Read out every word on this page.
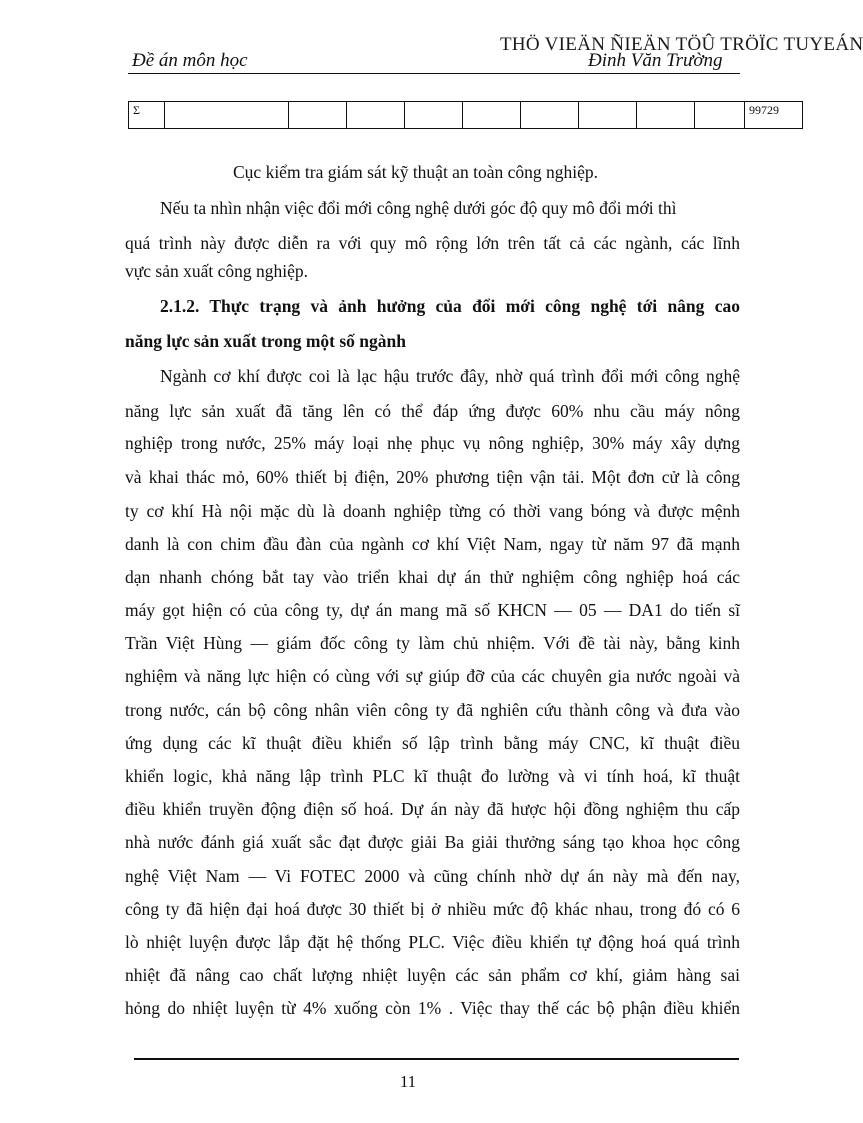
THÖ VIEÄN ÑIEÄN TÖÛ TRÖÏC TUYEÁN
Đề án môn học	Đinh Văn Trường
Σ										99729
Cục kiểm tra giám sát kỹ thuật an toàn công nghiệp.
Nếu ta nhìn nhận việc đổi mới công nghệ dưới góc độ quy mô đổi mới thì
quá trình này được diễn ra với quy mô rộng lớn trên tất cả các ngành, các lĩnh
vực sản xuất công nghiệp.
2.1.2. Thực trạng và ảnh hưởng của đổi mới công nghệ tới nâng cao
năng lực sản xuất trong một số ngành
Ngành cơ khí được coi là lạc hậu trước đây, nhờ quá trình đổi mới công nghệ
năng lực sản xuất đã tăng lên có thể đáp ứng được 60% nhu cầu máy nông
nghiệp trong nước, 25% máy loại nhẹ phục vụ nông nghiệp, 30% máy xây dựng
và khai thác mỏ, 60% thiết bị điện, 20% phương tiện vận tải. Một đơn cử là công
ty cơ khí Hà nội mặc dù là doanh nghiệp từng có thời vang bóng và được mệnh
danh là con chim đầu đàn của ngành cơ khí Việt Nam, ngay từ năm 97 đã mạnh
dạn nhanh chóng bắt tay vào triển khai dự án thử nghiệm công nghiệp hoá các
máy gọt hiện có của công ty, dự án mang mã số KHCN — 05 — DA1 do tiến sĩ
Trần Việt Hùng — giám đốc công ty làm chủ nhiệm. Với đề tài này, bằng kinh
nghiệm và năng lực hiện có cùng với sự giúp đỡ của các chuyên gia nước ngoài và
trong nước, cán bộ công nhân viên công ty đã nghiên cứu thành công và đưa vào
ứng dụng các kĩ thuật điều khiển số lập trình bằng máy CNC, kĩ thuật điều
khiển logic, khả năng lập trình PLC kĩ thuật đo lường và vi tính hoá, kĩ thuật
điều khiển truyền động điện số hoá. Dự án này đã hược hội đồng nghiệm thu cấp
nhà nước đánh giá xuất sắc đạt được giải Ba giải thưởng sáng tạo khoa học công
nghệ Việt Nam — Vi FOTEC 2000 và cũng chính nhờ dự án này mà đến nay,
công ty đã hiện đại hoá được 30 thiết bị ở nhiều mức độ khác nhau, trong đó có 6
lò nhiệt luyện được lắp đặt hệ thống PLC. Việc điều khiển tự động hoá quá trình
nhiệt đã nâng cao chất lượng nhiệt luyện các sản phẩm cơ khí, giảm hàng sai
hỏng do nhiệt luyện từ 4% xuống còn 1% . Việc thay thế các bộ phận điều khiển
11
